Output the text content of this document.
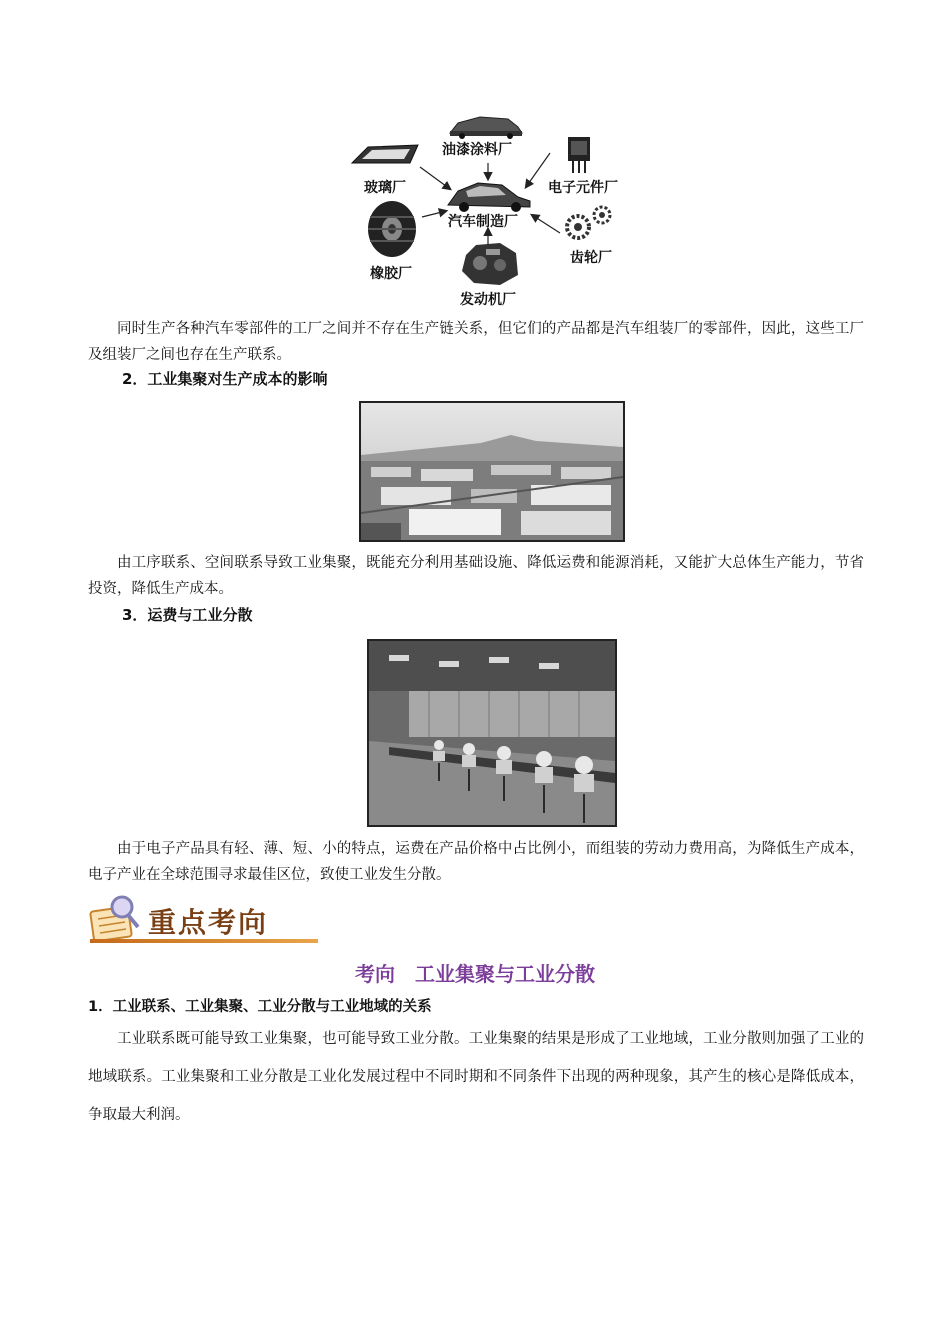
油漆涂料厂
玻璃厂	电子元件厂
汽车制造厂
橡胶厂
齿轮厂
发动机厂

同时生产各种汽车零部件的工厂之间并不存在生产链关系，但它们的产品都是汽车组装厂的零部件，因此，这些工厂及组装厂之间也存在生产联系。

2．工业集聚对生产成本的影响

由工序联系、空间联系导致工业集聚，既能充分利用基础设施、降低运费和能源消耗，又能扩大总体生产能力，节省投资，降低生产成本。

3．运费与工业分散

由于电子产品具有轻、薄、短、小的特点，运费在产品价格中占比例小，而组装的劳动力费用高，为降低生产成本，电子产业在全球范围寻求最佳区位，致使工业发生分散。

重点考向
考向　工业集聚与工业分散
1．工业联系、工业集聚、工业分散与工业地域的关系

工业联系既可能导致工业集聚，也可能导致工业分散。工业集聚的结果是形成了工业地域，工业分散则加强了工业的地域联系。工业集聚和工业分散是工业化发展过程中不同时期和不同条件下出现的两种现象，其产生的核心是降低成本，争取最大利润。
